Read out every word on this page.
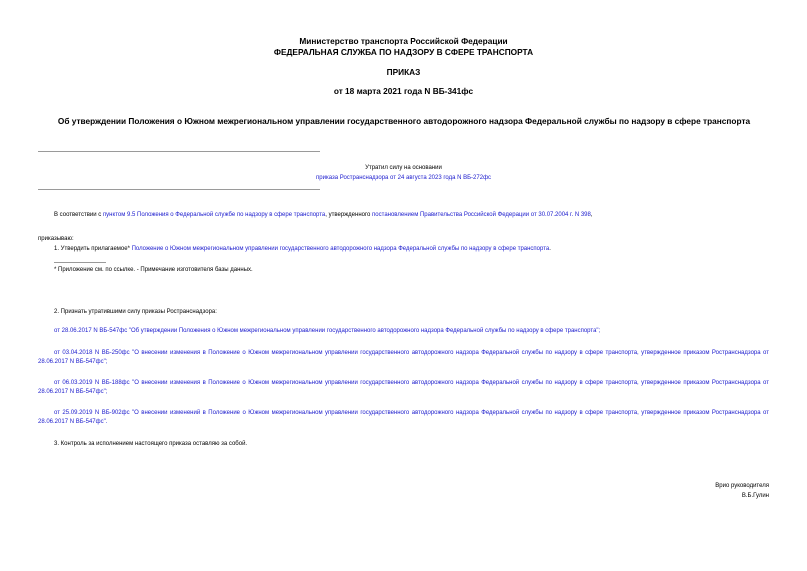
Министерство транспорта Российской Федерации
ФЕДЕРАЛЬНАЯ СЛУЖБА ПО НАДЗОРУ В СФЕРЕ ТРАНСПОРТА
ПРИКАЗ
от 18 марта 2021 года N ВБ-341фс
Об утверждении Положения о Южном межрегиональном управлении государственного автодорожного надзора Федеральной службы по надзору в сфере транспорта
Утратил силу на основании
приказа Ространснадзора от 24 августа 2023 года N ВБ-272фс
В соответствии с пунктом 9.5 Положения о Федеральной службе по надзору в сфере транспорта, утвержденного постановлением Правительства Российской Федерации от 30.07.2004 г. N 398,
приказываю:
1. Утвердить прилагаемое* Положение о Южном межрегиональном управлении государственного автодорожного надзора Федеральной службы по надзору в сфере транспорта.
* Приложение см. по ссылке. - Примечание изготовителя базы данных.
2. Признать утратившими силу приказы Ространснадзора:
от 28.06.2017 N ВБ-547фс "Об утверждении Положения о Южном межрегиональном управлении государственного автодорожного надзора Федеральной службы по надзору в сфере транспорта";
от 03.04.2018 N ВБ-250фс "О внесении изменения в Положение о Южном межрегиональном управлении государственного автодорожного надзора Федеральной службы по надзору в сфере транспорта, утвержденное приказом Ространснадзора от 28.06.2017 N ВБ-547фс";
от 06.03.2019 N ВБ-188фс "О внесении изменения в Положение о Южном межрегиональном управлении государственного автодорожного надзора Федеральной службы по надзору в сфере транспорта, утвержденное приказом Ространснадзора от 28.06.2017 N ВБ-547фс";
от 25.09.2019 N ВБ-902фс "О внесении изменений в Положение о Южном межрегиональном управлении государственного автодорожного надзора Федеральной службы по надзору в сфере транспорта, утвержденное приказом Ространснадзора от 28.06.2017 N ВБ-547фс".
3. Контроль за исполнением настоящего приказа оставляю за собой.
Врио руководителя
В.Б.Гулин
